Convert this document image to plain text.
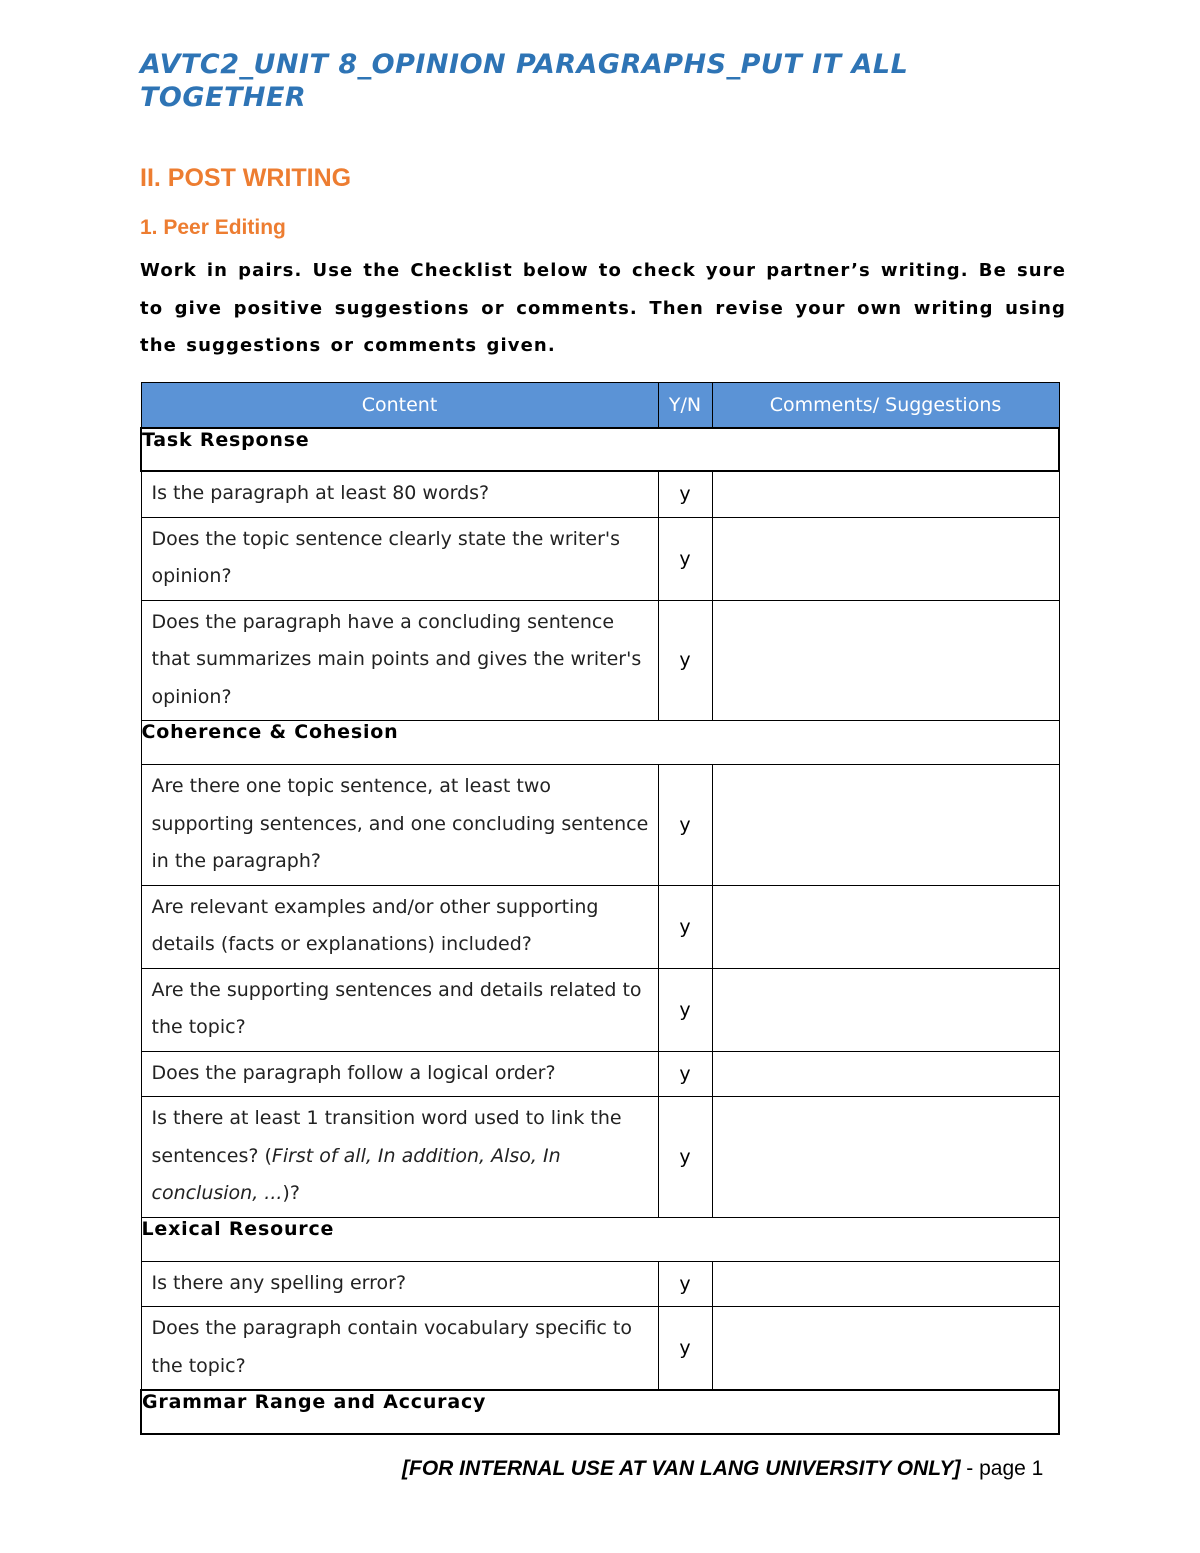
AVTC2_UNIT 8_OPINION PARAGRAPHS_PUT IT ALL TOGETHER
II. POST WRITING
1. Peer Editing

Work in pairs. Use the Checklist below to check your partner’s writing. Be sure to give positive suggestions or comments. Then revise your own writing using the suggestions or comments given.

Content	Y/N	Comments/ Suggestions
Task Response		
Is the paragraph at least 80 words?	y	
Does the topic sentence clearly state the writer's opinion?	y	
Does the paragraph have a concluding sentence that summarizes main points and gives the writer's opinion?	y	
Coherence & Cohesion		
Are there one topic sentence, at least two supporting sentences, and one concluding sentence in the paragraph?	y	
Are relevant examples and/or other supporting details (facts or explanations) included?	y	
Are the supporting sentences and details related to the topic?	y	
Does the paragraph follow a logical order?	y	
Is there at least 1 transition word used to link the sentences? (First of all, In addition, Also, In conclusion, ...)?	y	
Lexical Resource		
Is there any spelling error?	y	
Does the paragraph contain vocabulary specific to the topic?	y	
Grammar Range and Accuracy		

[FOR INTERNAL USE AT VAN LANG UNIVERSITY ONLY] - page 1
